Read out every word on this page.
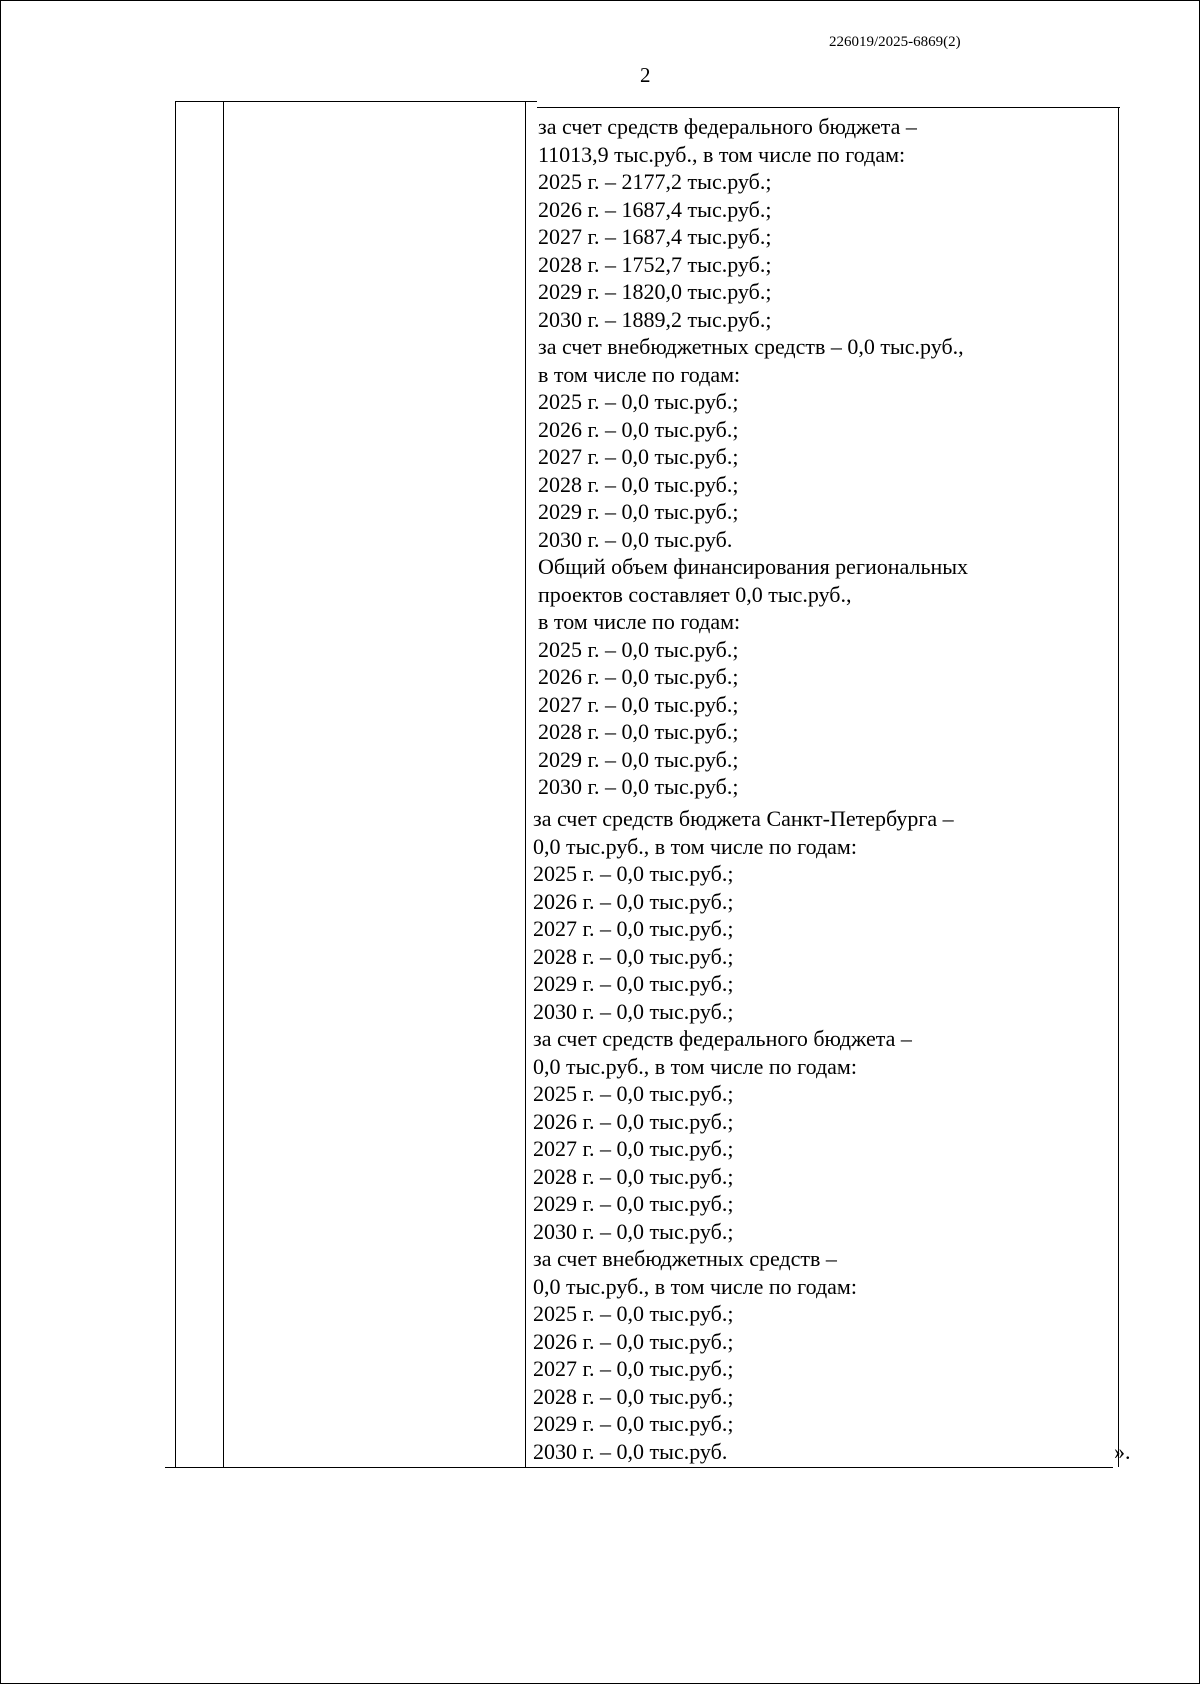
226019/2025-6869(2)
2
за счет средств федерального бюджета –
11013,9 тыс.руб., в том числе по годам:
2025 г. – 2177,2 тыс.руб.;
2026 г. – 1687,4 тыс.руб.;
2027 г. – 1687,4 тыс.руб.;
2028 г. – 1752,7 тыс.руб.;
2029 г. – 1820,0 тыс.руб.;
2030 г. – 1889,2 тыс.руб.;
за счет внебюджетных средств – 0,0 тыс.руб.,
в том числе по годам:
2025 г. – 0,0 тыс.руб.;
2026 г. – 0,0 тыс.руб.;
2027 г. – 0,0 тыс.руб.;
2028 г. – 0,0 тыс.руб.;
2029 г. – 0,0 тыс.руб.;
2030 г. – 0,0 тыс.руб.
Общий объем финансирования региональных
проектов составляет 0,0 тыс.руб.,
в том числе по годам:
2025 г. – 0,0 тыс.руб.;
2026 г. – 0,0 тыс.руб.;
2027 г. – 0,0 тыс.руб.;
2028 г. – 0,0 тыс.руб.;
2029 г. – 0,0 тыс.руб.;
2030 г. – 0,0 тыс.руб.;
за счет средств бюджета Санкт-Петербурга –
0,0 тыс.руб., в том числе по годам:
2025 г. – 0,0 тыс.руб.;
2026 г. – 0,0 тыс.руб.;
2027 г. – 0,0 тыс.руб.;
2028 г. – 0,0 тыс.руб.;
2029 г. – 0,0 тыс.руб.;
2030 г. – 0,0 тыс.руб.;
за счет средств федерального бюджета –
0,0 тыс.руб., в том числе по годам:
2025 г. – 0,0 тыс.руб.;
2026 г. – 0,0 тыс.руб.;
2027 г. – 0,0 тыс.руб.;
2028 г. – 0,0 тыс.руб.;
2029 г. – 0,0 тыс.руб.;
2030 г. – 0,0 тыс.руб.;
за счет внебюджетных средств –
0,0 тыс.руб., в том числе по годам:
2025 г. – 0,0 тыс.руб.;
2026 г. – 0,0 тыс.руб.;
2027 г. – 0,0 тыс.руб.;
2028 г. – 0,0 тыс.руб.;
2029 г. – 0,0 тыс.руб.;
2030 г. – 0,0 тыс.руб.	».
